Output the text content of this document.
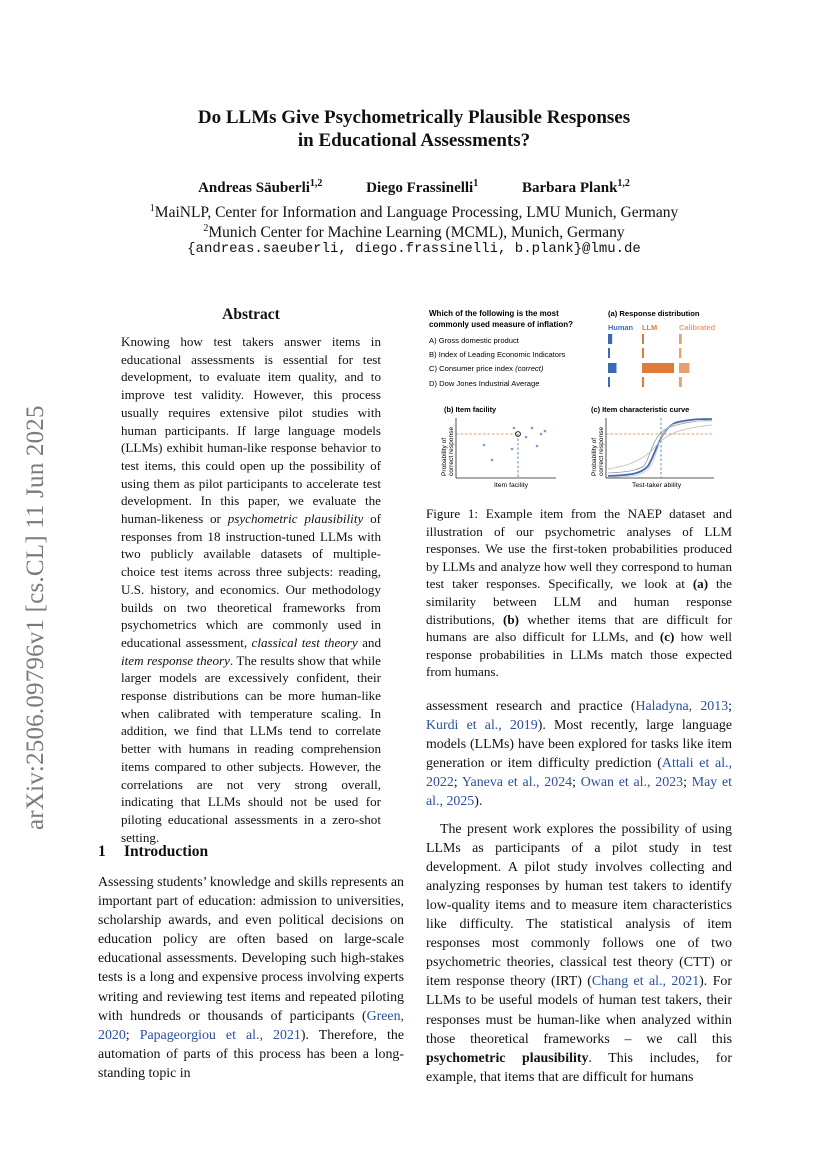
arXiv:2506.09796v1 [cs.CL] 11 Jun 2025
Do LLMs Give Psychometrically Plausible Responses
in Educational Assessments?
Andreas Säuberli$^{1,2}$	Diego Frassinelli$^1$	Barbara Plank$^{1,2}$
$^1$MaiNLP, Center for Information and Language Processing, LMU Munich, Germany
$^2$Munich Center for Machine Learning (MCML), Munich, Germany
{andreas.saeuberli, diego.frassinelli, b.plank}@lmu.de
Abstract
Knowing how test takers answer items in educational assessments is essential for test development, to evaluate item quality, and to improve test validity. However, this process usually requires extensive pilot studies with human participants. If large language models (LLMs) exhibit human-like response behavior to test items, this could open up the possibility of using them as pilot participants to accelerate test development. In this paper, we evaluate the human-likeness or psychometric plausibility of responses from 18 instruction-tuned LLMs with two publicly available datasets of multiple-choice test items across three subjects: reading, U.S. history, and economics. Our methodology builds on two theoretical frameworks from psychometrics which are commonly used in educational assessment, classical test theory and item response theory. The results show that while larger models are excessively confident, their response distributions can be more human-like when calibrated with temperature scaling. In addition, we find that LLMs tend to correlate better with humans in reading comprehension items compared to other subjects. However, the correlations are not very strong overall, indicating that LLMs should not be used for piloting educational assessments in a zero-shot setting.
1 Introduction

Assessing students’ knowledge and skills represents an important part of education: admission to universities, scholarship awards, and even political decisions on education policy are often based on large-scale educational assessments. Developing such high-stakes tests is a long and expensive process involving experts writing and reviewing test items and repeated piloting with hundreds or thousands of participants (Green, 2020; Papageorgiou et al., 2021). Therefore, the automation of parts of this process has been a long-standing topic in

Which of the following is the most
commonly used measure of inflation?
A) Gross domestic product
B) Index of Leading Economic Indicators
C) Consumer price index (correct)
D) Dow Jones Industrial Average
(a) Response distribution
Human LLM	Calibrated
(b) Item facility
Probability of correct response
Item facility
(c) Item characteristic curve
Probability of correct response
Test-taker ability
Figure 1: Example item from the NAEP dataset and illustration of our psychometric analyses of LLM responses. We use the first-token probabilities produced by LLMs and analyze how well they correspond to human test taker responses. Specifically, we look at (a) the similarity between LLM and human response distributions, (b) whether items that are difficult for humans are also difficult for LLMs, and (c) how well response probabilities in LLMs match those expected from humans.

assessment research and practice (Haladyna, 2013; Kurdi et al., 2019). Most recently, large language models (LLMs) have been explored for tasks like item generation or item difficulty prediction (Attali et al., 2022; Yaneva et al., 2024; Owan et al., 2023; May et al., 2025).

The present work explores the possibility of using LLMs as participants of a pilot study in test development. A pilot study involves collecting and analyzing responses by human test takers to identify low-quality items and to measure item characteristics like difficulty. The statistical analysis of item responses most commonly follows one of two psychometric theories, classical test theory (CTT) or item response theory (IRT) (Chang et al., 2021). For LLMs to be useful models of human test takers, their responses must be human-like when analyzed within those theoretical frameworks – we call this psychometric plausibility. This includes, for example, that items that are difficult for humans
